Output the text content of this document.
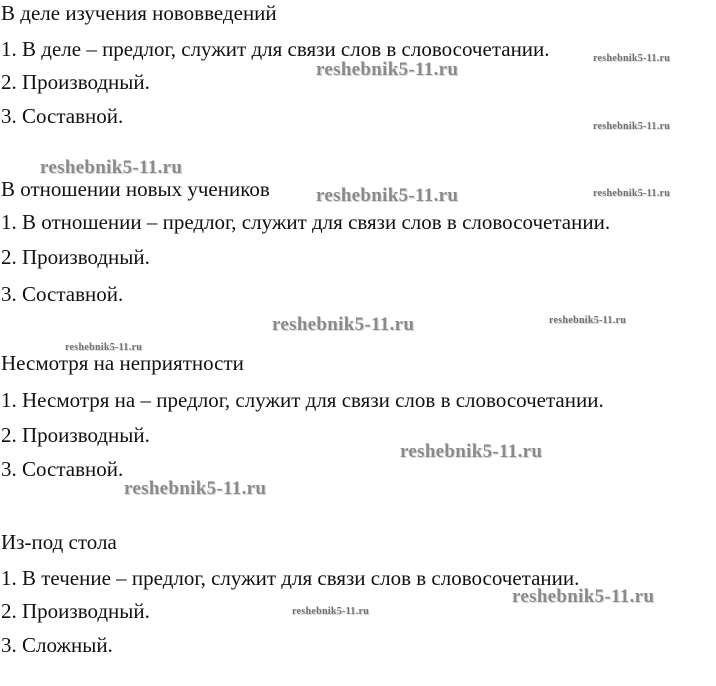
В деле изучения нововведений
1. В деле – предлог, служит для связи слов в словосочетании.
2. Производный.
3. Составной.
В отношении новых учеников
1. В отношении – предлог, служит для связи слов в словосочетании.
2. Производный.
3. Составной.
Несмотря на неприятности
1. Несмотря на – предлог, служит для связи слов в словосочетании.
2. Производный.
3. Составной.
Из-под стола
1. В течение – предлог, служит для связи слов в словосочетании.
2. Производный.
3. Сложный.
reshebnik5-11.ru
reshebnik5-11.ru
reshebnik5-11.ru
reshebnik5-11.ru
reshebnik5-11.ru	reshebnik5-11.ru
reshebnik5-11.ru	reshebnik5-11.ru
reshebnik5-11.ru
reshebnik5-11.ru
reshebnik5-11.ru
reshebnik5-11.ru
reshebnik5-11.ru
